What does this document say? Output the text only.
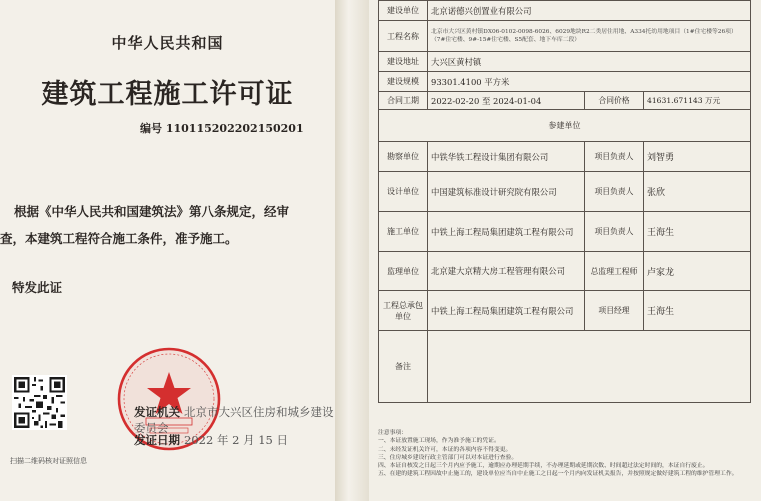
中华人民共和国
建筑工程施工许可证
编号 110115202202150201
根据《中华人民共和国建筑法》第八条规定，经审
查，本建筑工程符合施工条件，准予施工。
特发此证
扫描二维码核对证照信息
发证机关 北京市大兴区住房和城乡建设委员会
发证日期 2022 年 2 月 15 日
建设单位	北京诺德兴创置业有限公司		
工程名称	北京市大兴区黄村镇DX06-0102-0098-6026、6029地块R2二类居住用地、A334托幼用地项目（1#住宅楼等26项）（7#住宅楼、9#-15#住宅楼、S5配套、地下车库二段）		
建设地址	大兴区黄村镇		
建设规模	93301.4100 平方米		
合同工期	2022-02-20 至 2024-01-04	合同价格	41631.671143 万元
参建单位			
勘察单位	中铁华铁工程设计集团有限公司	项目负责人	刘智勇
设计单位	中国建筑标准设计研究院有限公司	项目负责人	张欣
施工单位	中铁上海工程局集团建筑工程有限公司	项目负责人	王海生
监理单位	北京建大京精大房工程管理有限公司	总监理工程师	卢家龙
工程总承包单位	中铁上海工程局集团建筑工程有限公司	项目经理	王海生
备注			
注意事项：
一、本证放置施工现场，作为准予施工的凭证。
二、未经发证机关许可，本证的各项内容不得变更。
三、住房城乡建设行政主管部门可以对本证进行查验。
四、本证自核发之日起三个月内应予施工，逾期应办理延期手续，不办理延期或延期次数、时间超过法定时间的，本证自行废止。
五、在建的建筑工程因故中止施工的，建设单位应当自中止施工之日起一个月内向发证机关报告，并按照规定做好建筑工程的维护管理工作。
